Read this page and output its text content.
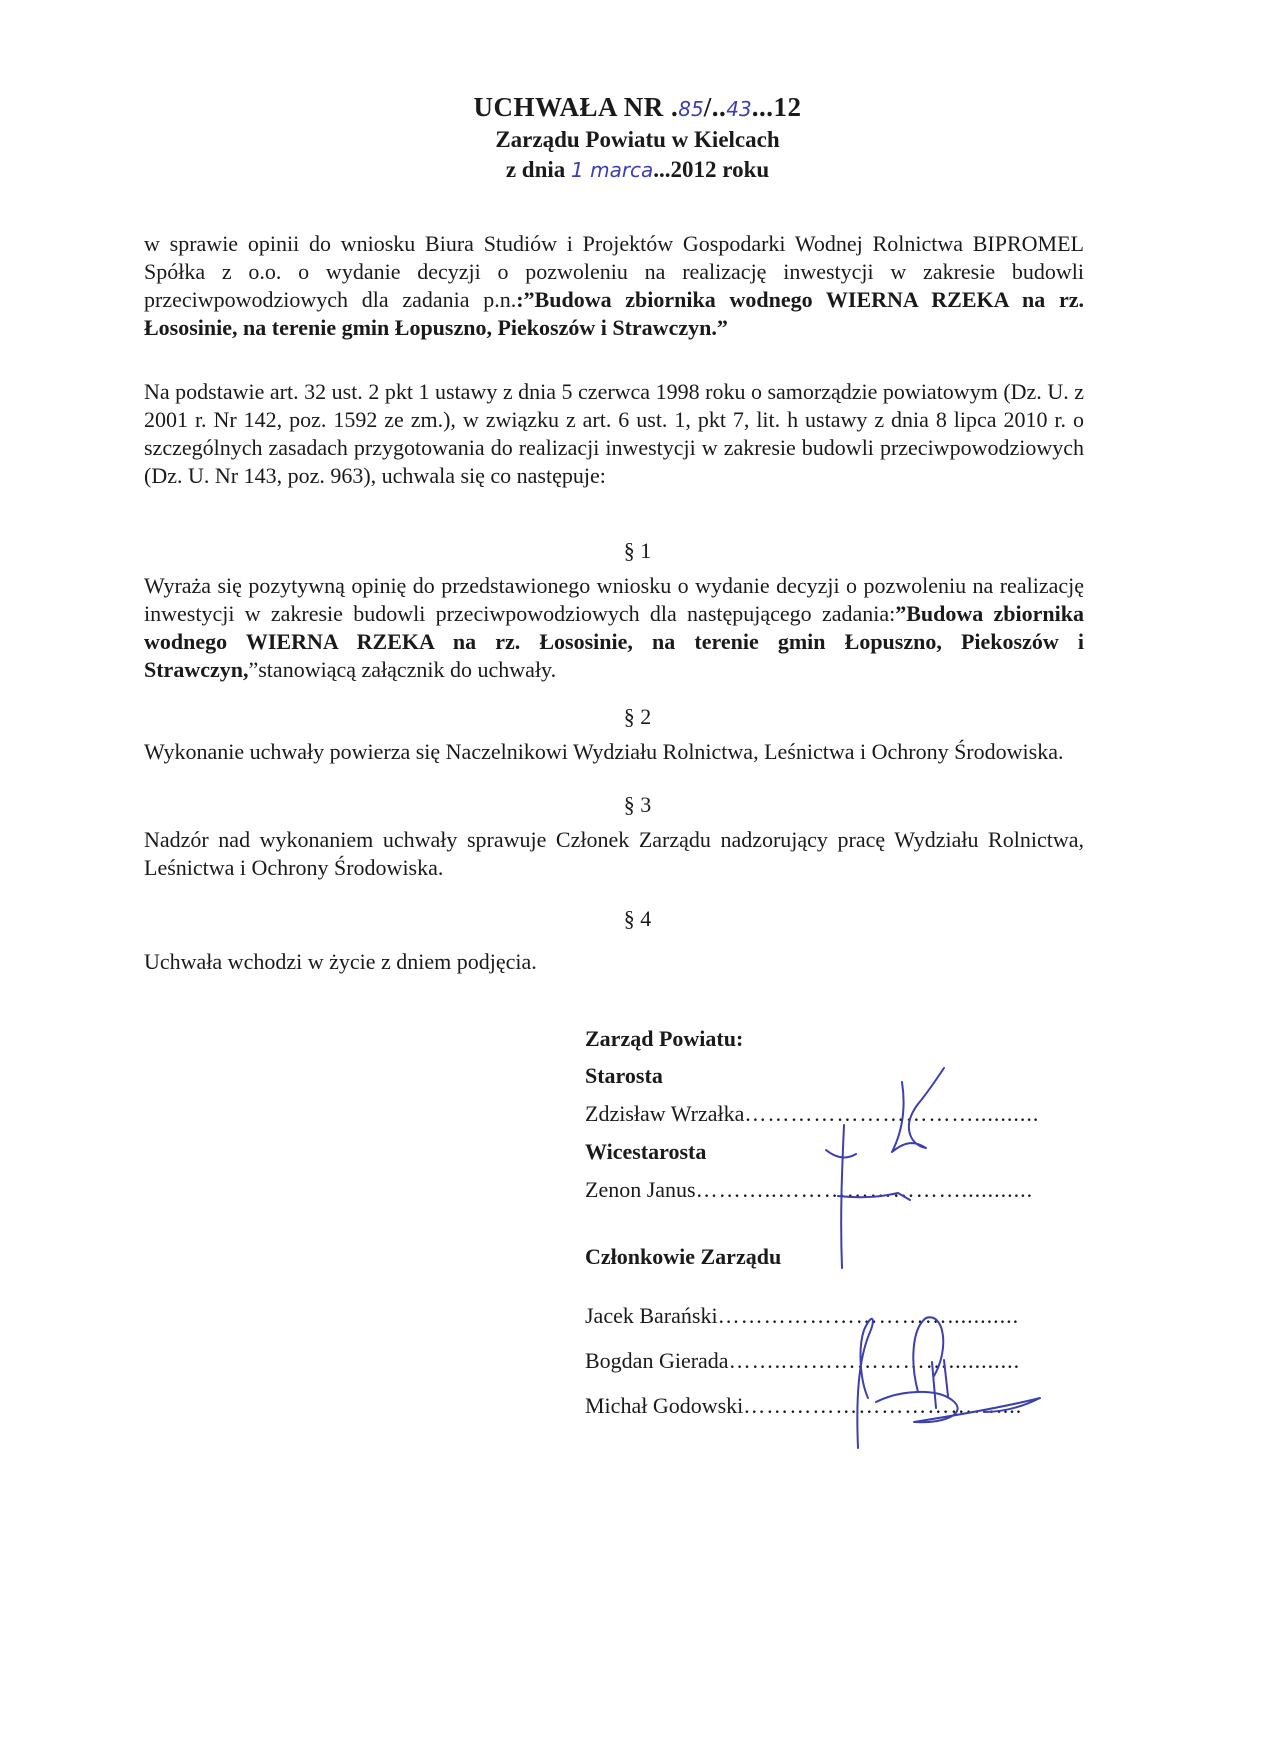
UCHWAŁA NR .85/..43...12
Zarządu Powiatu w Kielcach
z dnia 1 marca...2012 roku
w sprawie opinii do wniosku Biura Studiów i Projektów Gospodarki Wodnej Rolnictwa BIPROMEL Spółka z o.o. o wydanie decyzji o pozwoleniu na realizację inwestycji w zakresie budowli przeciwpowodziowych dla zadania p.n.:”Budowa zbiornika wodnego WIERNA RZEKA na rz. Łososinie, na terenie gmin Łopuszno, Piekoszów i Strawczyn.”
Na podstawie art. 32 ust. 2 pkt 1 ustawy z dnia 5 czerwca 1998 roku o samorządzie powiatowym (Dz. U. z 2001 r. Nr 142, poz. 1592 ze zm.), w związku z art. 6 ust. 1, pkt 7, lit. h ustawy z dnia 8 lipca 2010 r. o szczególnych zasadach przygotowania do realizacji inwestycji w zakresie budowli przeciwpowodziowych (Dz. U. Nr 143, poz. 963), uchwala się co następuje:
§ 1
Wyraża się pozytywną opinię do przedstawionego wniosku o wydanie decyzji o pozwoleniu na realizację inwestycji w zakresie budowli przeciwpowodziowych dla następującego zadania:”Budowa zbiornika wodnego WIERNA RZEKA na rz. Łososinie, na terenie gmin Łopuszno, Piekoszów i Strawczyn,”stanowiącą załącznik do uchwały.
§ 2
Wykonanie uchwały powierza się Naczelnikowi Wydziału Rolnictwa, Leśnictwa i Ochrony Środowiska.
§ 3
Nadzór nad wykonaniem uchwały sprawuje Członek Zarządu nadzorujący pracę Wydziału Rolnictwa, Leśnictwa i Ochrony Środowiska.
§ 4
Uchwała wchodzi w życie z dniem podjęcia.
Zarząd Powiatu:
Starosta
Zdzisław Wrzałka…………………………..........
Wicestarosta
Zenon Janus………..……………………...........
Członkowie Zarządu
Jacek Barański…………………………...........
Bogdan Gierada……..…………………...........
Michał Godowski……………………………....
